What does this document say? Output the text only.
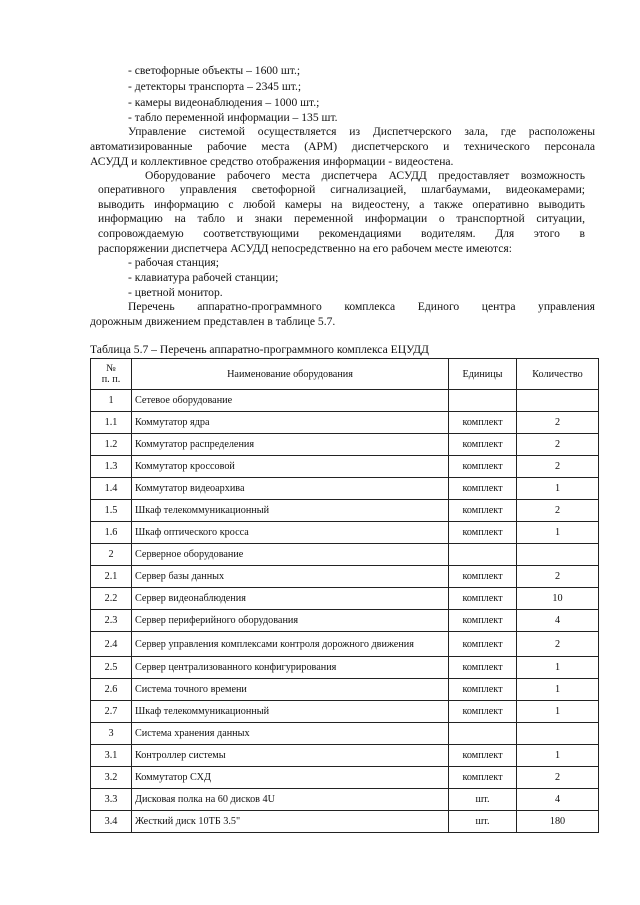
- светофорные объекты – 1600 шт.;
- детекторы транспорта – 2345 шт.;
- камеры видеонаблюдения – 1000 шт.;
- табло переменной информации – 135 шт.
Управление системой осуществляется из Диспетчерского зала, где расположены
автоматизированные рабочие места (АРМ) диспетчерского и технического персонала
АСУДД и коллективное средство отображения информации - видеостена.
Оборудование рабочего места диспетчера АСУДД предоставляет возможность
оперативного управления светофорной сигнализацией, шлагбаумами, видеокамерами;
выводить информацию с любой камеры на видеостену, а также оперативно выводить
информацию на табло и знаки переменной информации о транспортной ситуации,
сопровождаемую соответствующими рекомендациями водителям. Для этого в
распоряжении диспетчера АСУДД непосредственно на его рабочем месте имеются:
- рабочая станция;
- клавиатура рабочей станции;
- цветной монитор.
Перечень аппаратно-программного комплекса Единого центра управления
дорожным движением представлен в таблице 5.7.
Таблица 5.7 – Перечень аппаратно-программного комплекса ЕЦУДД
№
п. п.	Наименование оборудования	Единицы	Количество
1	Сетевое оборудование		
1.1	Коммутатор ядра	комплект	2
1.2	Коммутатор распределения	комплект	2
1.3	Коммутатор кроссовой	комплект	2
1.4	Коммутатор видеоархива	комплект	1
1.5	Шкаф телекоммуникационный	комплект	2
1.6	Шкаф оптического кросса	комплект	1
2	Серверное оборудование		
2.1	Сервер базы данных	комплект	2
2.2	Сервер видеонаблюдения	комплект	10
2.3	Сервер периферийного оборудования	комплект	4
2.4	Сервер управления комплексами контроля дорожного движения	комплект	2
2.5	Сервер централизованного конфигурирования	комплект	1
2.6	Система точного времени	комплект	1
2.7	Шкаф телекоммуникационный	комплект	1
3	Система хранения данных		
3.1	Контроллер системы	комплект	1
3.2	Коммутатор СХД	комплект	2
3.3	Дисковая полка на 60 дисков 4U	шт.	4
3.4	Жесткий диск 10ТБ 3.5"	шт.	180
